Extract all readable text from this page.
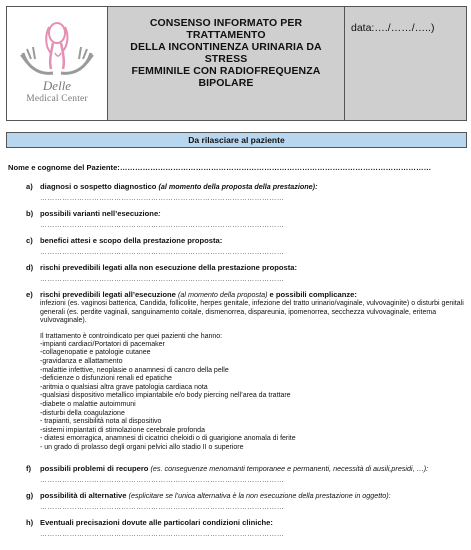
Delle
Medical Center
CONSENSO INFORMATO PER TRATTAMENTO
DELLA INCONTINENZA URINARIA DA STRESS
FEMMINILE CON RADIOFREQUENZA BIPOLARE
data:…./……/…..)
Da rilasciare al paziente
Nome e cognome del Paziente:……………………………………………………………………………………………………………
a) diagnosi o sospetto diagnostico (al momento della proposta della prestazione):
………………………………………………………………………………………
b) possibili varianti nell’esecuzione:
………………………………………………………………………………………
c) benefici attesi e scopo della prestazione proposta:
………………………………………………………………………………………
d) rischi prevedibili legati alla non esecuzione della prestazione proposta:
………………………………………………………………………………………
e) rischi prevedibili legati all’esecuzione (al momento della proposta) e possibili complicanze:
infezioni (es. vaginosi batterica, Candida, follicolite, herpes genitale, infezione del tratto urinario/vaginale, vulvovaginite) o disturbi genitali generali (es. perdite vaginali, sanguinamento coitale, dismenorrea, dispareunia, ipomenorrea, secchezza vulvovaginale, eritema vulvovaginale).
Il trattamento è controindicato per quei pazienti che hanno:
-impianti cardiaci/Portatori di pacemaker
-collagenopatie e patologie cutanee
-gravidanza e allattamento
-malattie infettive, neoplasie o anamnesi di cancro della pelle
-deficienze o disfunzioni renali ed epatiche
-aritmia o qualsiasi altra grave patologia cardiaca nota
-qualsiasi dispositivo metallico impiantabile e/o body piercing nell’area da trattare
-diabete o malattie autoimmuni
-disturbi della coagulazione
- trapianti, sensibilità nota al dispositivo
-sistemi impiantati di stimolazione cerebrale profonda
- diatesi emorragica, anamnesi di cicatrici cheloidi o di guarigione anomala di ferite
- un grado di prolasso degli organi pelvici allo stadio II o superiore
f) possibili problemi di recupero (es. conseguenze menomanti temporanee e permanenti, necessità di ausili,presidi, …):
………………………………………………………………………………………
g) possibilità di alternative (esplicitare se l’unica alternativa è la non esecuzione della prestazione in oggetto):
………………………………………………………………………………………
h) Eventuali precisazioni dovute alle particolari condizioni cliniche:
………………………………………………………………………………………
